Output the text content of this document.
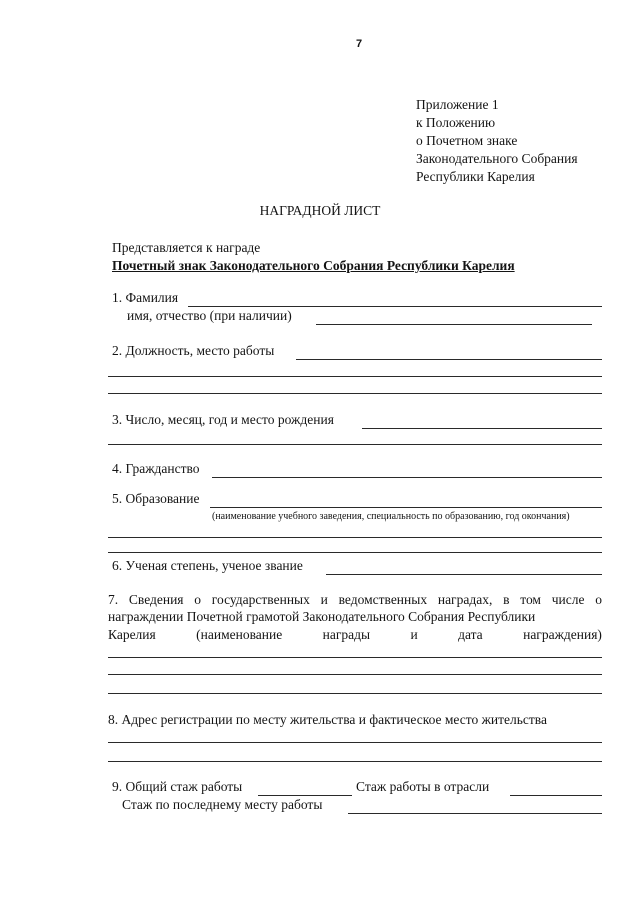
7
Приложение 1
к Положению
о Почетном знаке
Законодательного Собрания
Республики Карелия
НАГРАДНОЙ ЛИСТ
Представляется к награде
Почетный знак Законодательного Собрания Республики Карелия
1. Фамилия
имя, отчество (при наличии)
2. Должность, место работы
3. Число, месяц, год и место рождения
4. Гражданство
5. Образование
(наименование учебного заведения, специальность по образованию, год окончания)
6. Ученая степень, ученое звание
7. Сведения о государственных и ведомственных наградах, в том числе о награждении Почетной грамотой Законодательного Собрания Республики
Карелия	(наименование	награды	и	дата	награждения)
8. Адрес регистрации по месту жительства и фактическое место жительства
9. Общий стаж работы	Стаж работы в отрасли
Стаж по последнему месту работы
